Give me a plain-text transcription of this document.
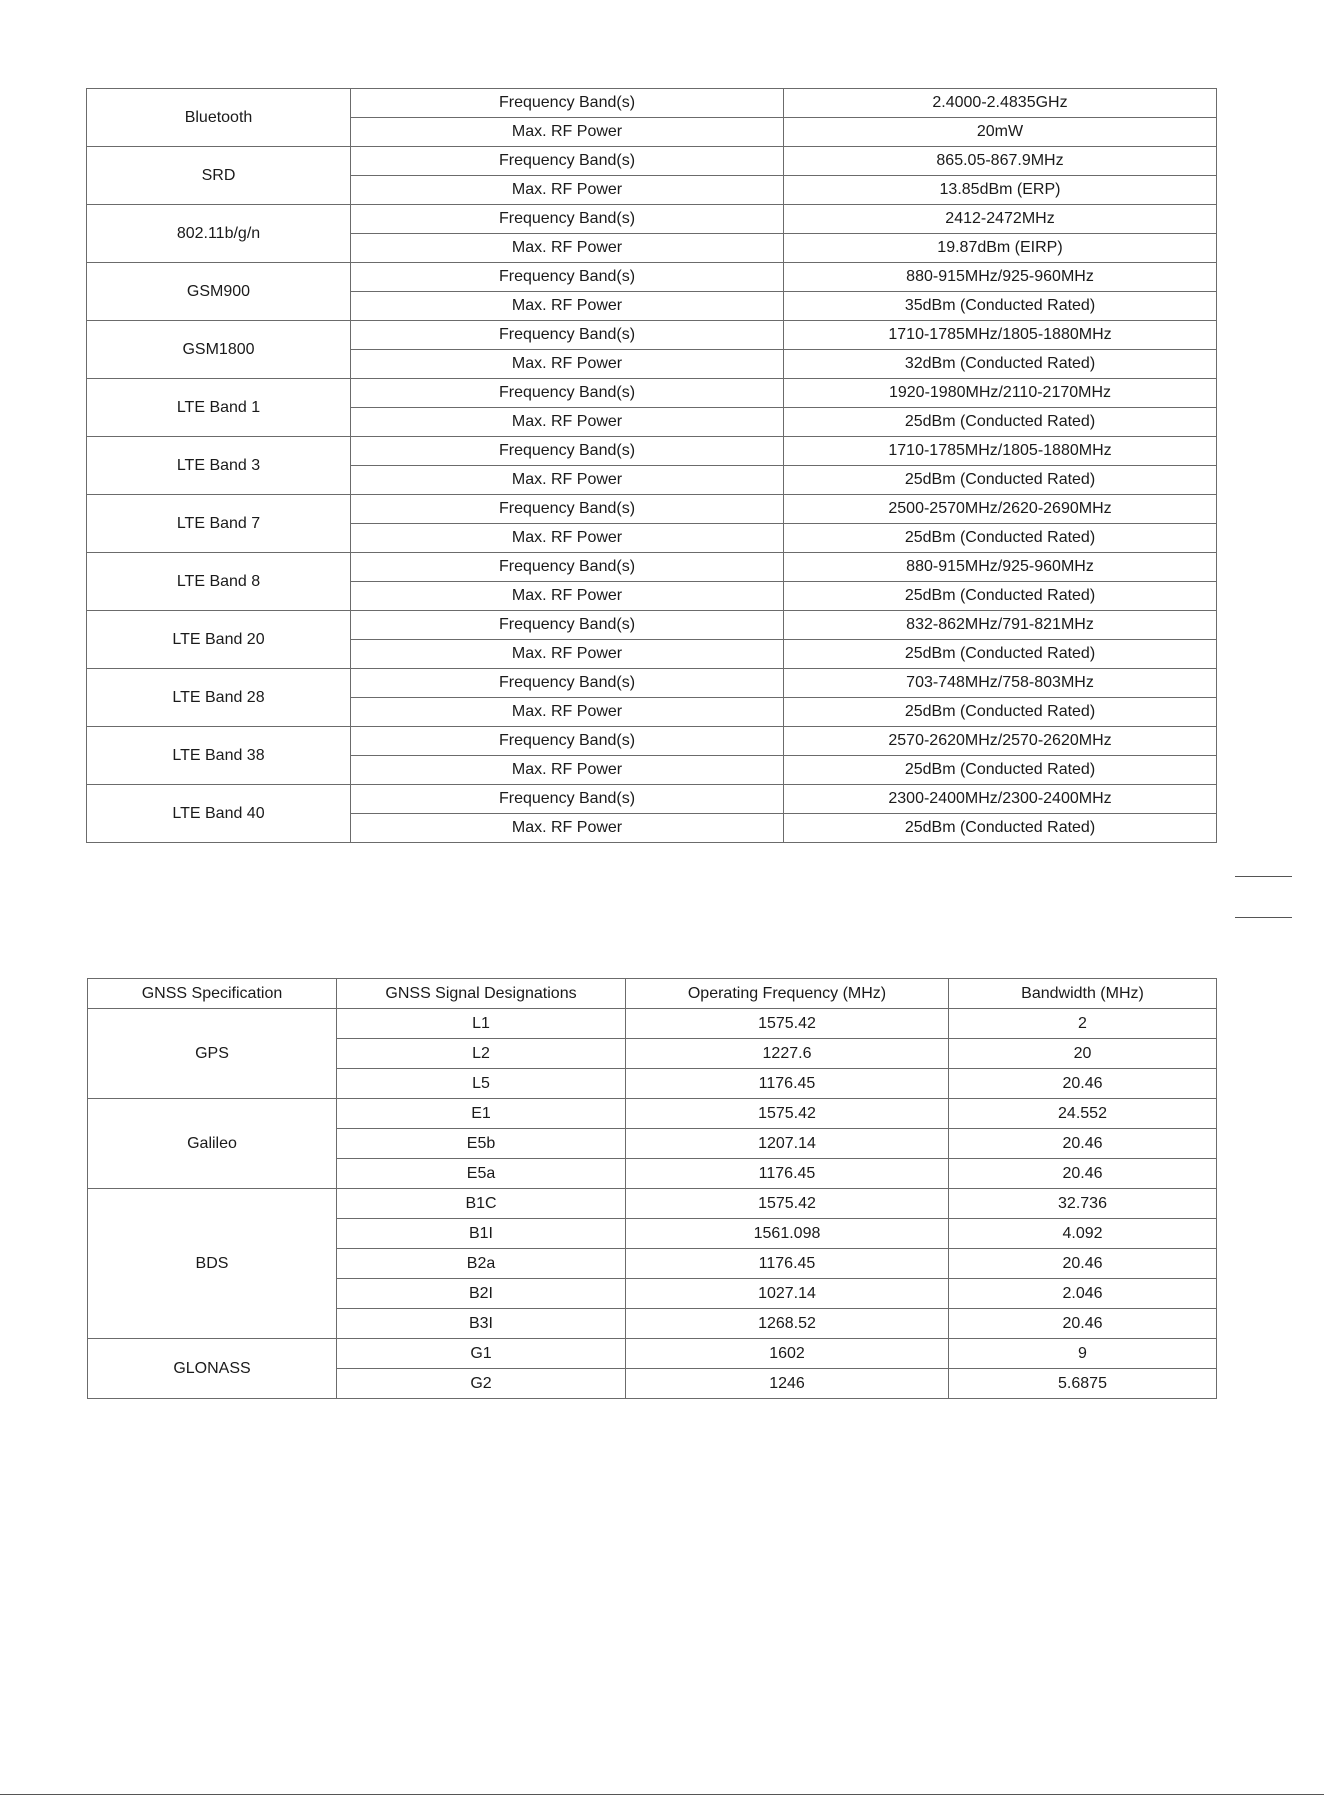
Bluetooth	Frequency Band(s)	2.4000-2.4835GHz
	Max. RF Power	20mW
SRD	Frequency Band(s)	865.05-867.9MHz
	Max. RF Power	13.85dBm (ERP)
802.11b/g/n	Frequency Band(s)	2412-2472MHz
	Max. RF Power	19.87dBm (EIRP)
GSM900	Frequency Band(s)	880-915MHz/925-960MHz
	Max. RF Power	35dBm (Conducted Rated)
GSM1800	Frequency Band(s)	1710-1785MHz/1805-1880MHz
	Max. RF Power	32dBm (Conducted Rated)
LTE Band 1	Frequency Band(s)	1920-1980MHz/2110-2170MHz
	Max. RF Power	25dBm (Conducted Rated)
LTE Band 3	Frequency Band(s)	1710-1785MHz/1805-1880MHz
	Max. RF Power	25dBm (Conducted Rated)
LTE Band 7	Frequency Band(s)	2500-2570MHz/2620-2690MHz
	Max. RF Power	25dBm (Conducted Rated)
LTE Band 8	Frequency Band(s)	880-915MHz/925-960MHz
	Max. RF Power	25dBm (Conducted Rated)
LTE Band 20	Frequency Band(s)	832-862MHz/791-821MHz
	Max. RF Power	25dBm (Conducted Rated)
LTE Band 28	Frequency Band(s)	703-748MHz/758-803MHz
	Max. RF Power	25dBm (Conducted Rated)
LTE Band 38	Frequency Band(s)	2570-2620MHz/2570-2620MHz
	Max. RF Power	25dBm (Conducted Rated)
LTE Band 40	Frequency Band(s)	2300-2400MHz/2300-2400MHz
	Max. RF Power	25dBm (Conducted Rated)
GNSS Specification	GNSS Signal Designations	Operating Frequency (MHz)	Bandwidth (MHz)
GPS	L1	1575.42	2
	L2	1227.6	20
	L5	1176.45	20.46
Galileo	E1	1575.42	24.552
	E5b	1207.14	20.46
	E5a	1176.45	20.46
BDS	B1C	1575.42	32.736
	B1I	1561.098	4.092
	B2a	1176.45	20.46
	B2I	1027.14	2.046
	B3I	1268.52	20.46
GLONASS	G1	1602	9
	G2	1246	5.6875
